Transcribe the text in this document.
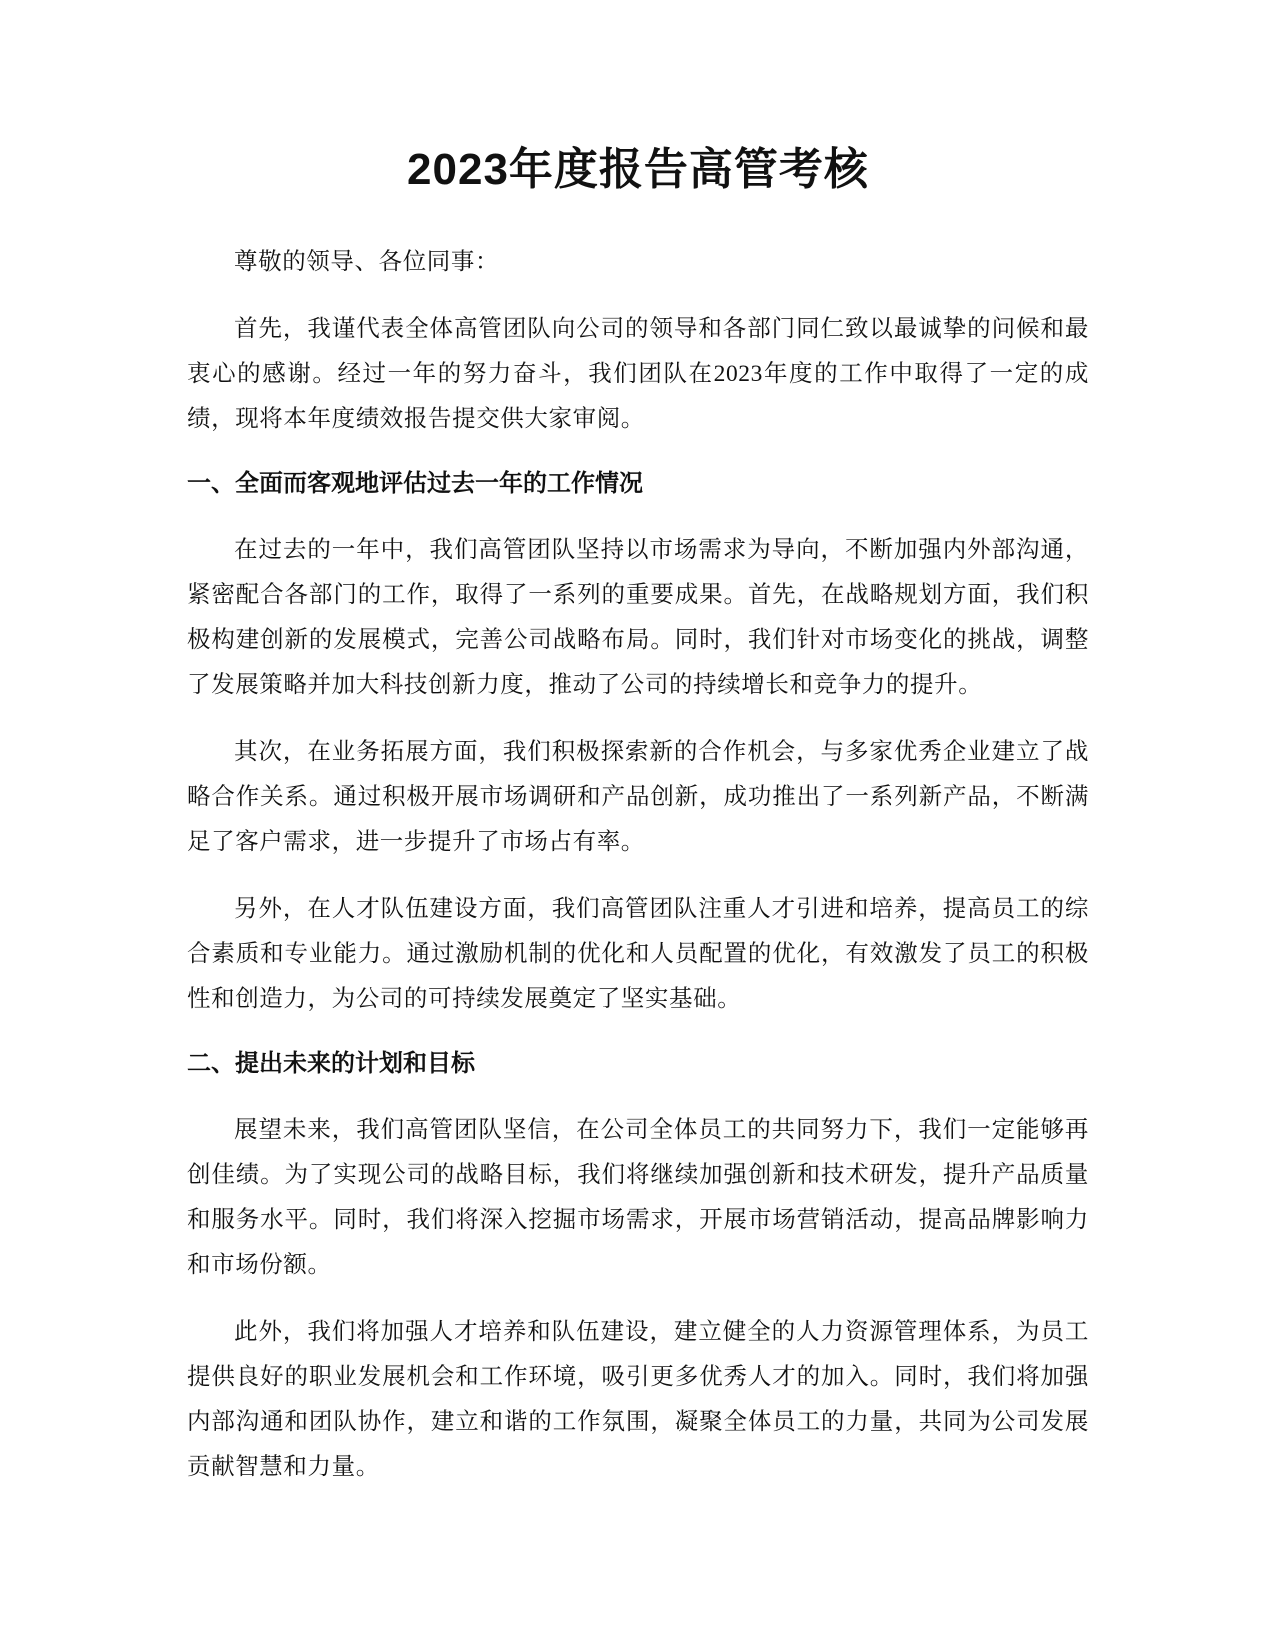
2023年度报告高管考核

尊敬的领导、各位同事：

首先，我谨代表全体高管团队向公司的领导和各部门同仁致以最诚挚的问候和最衷心的感谢。经过一年的努力奋斗，我们团队在2023年度的工作中取得了一定的成绩，现将本年度绩效报告提交供大家审阅。

一、全面而客观地评估过去一年的工作情况

在过去的一年中，我们高管团队坚持以市场需求为导向，不断加强内外部沟通，紧密配合各部门的工作，取得了一系列的重要成果。首先，在战略规划方面，我们积极构建创新的发展模式，完善公司战略布局。同时，我们针对市场变化的挑战，调整了发展策略并加大科技创新力度，推动了公司的持续增长和竞争力的提升。

其次，在业务拓展方面，我们积极探索新的合作机会，与多家优秀企业建立了战略合作关系。通过积极开展市场调研和产品创新，成功推出了一系列新产品，不断满足了客户需求，进一步提升了市场占有率。

另外，在人才队伍建设方面，我们高管团队注重人才引进和培养，提高员工的综合素质和专业能力。通过激励机制的优化和人员配置的优化，有效激发了员工的积极性和创造力，为公司的可持续发展奠定了坚实基础。

二、提出未来的计划和目标

展望未来，我们高管团队坚信，在公司全体员工的共同努力下，我们一定能够再创佳绩。为了实现公司的战略目标，我们将继续加强创新和技术研发，提升产品质量和服务水平。同时，我们将深入挖掘市场需求，开展市场营销活动，提高品牌影响力和市场份额。

此外，我们将加强人才培养和队伍建设，建立健全的人力资源管理体系，为员工提供良好的职业发展机会和工作环境，吸引更多优秀人才的加入。同时，我们将加强内部沟通和团队协作，建立和谐的工作氛围，凝聚全体员工的力量，共同为公司发展贡献智慧和力量。
